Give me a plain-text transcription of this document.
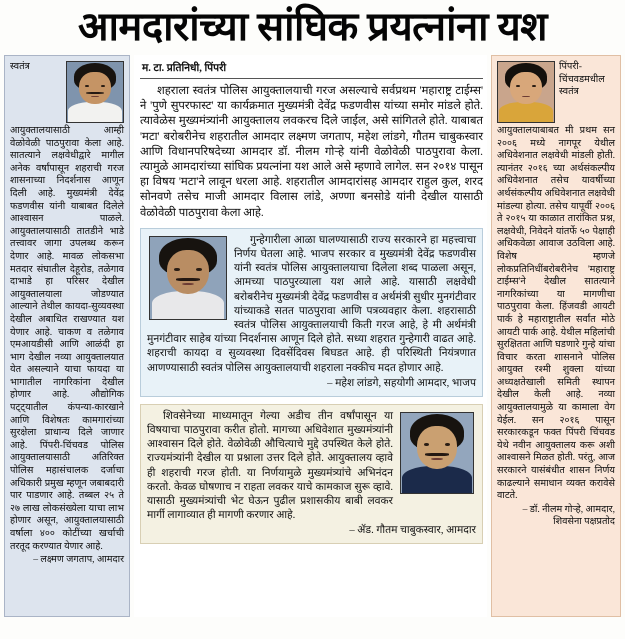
आमदारांच्या सांघिक प्रयत्नांना यश
स्वतंत्र आयुक्तालयासाठी आम्ही वेळोवेळी पाठपुरावा केला आहे. सातत्याने लक्षवेधीद्वारे मागील अनेक वर्षांपासून शहराची गरज शासनाच्या निदर्शनास आणून दिली आहे. मुख्यमंत्री देवेंद्र फडणवीस यांनी याबाबत दिलेले आश्वासन पाळले. आयुक्तालयासाठी तातडीने भाडे तत्त्वावर जागा उपलब्ध करून देणार आहे. मावळ लोकसभा मतदार संघातील देहूरोड, तळेगाव दाभाडे हा परिसर देखील आयुक्तालयाला जोडण्यात आल्याने तेथील कायदा-सुव्यवस्था देखील अबाधित राखण्यात यश येणार आहे. चाकण व तळेगाव एमआयडीसी आणि आळंदी हा भाग देखील नव्या आयुक्तालयात येत असल्याने याचा फायदा या भागातील नागरिकांना देखील होणार आहे. औद्योगिक पट्ट्यातील कंपन्या-कारखाने आणि विशेषतः कामगारांच्या सुरक्षेला प्राधान्य दिले जाणार आहे. पिंपरी-चिंचवड पोलिस आयुक्तालयासाठी अतिरिक्त पोलिस महासंचालक दर्जाचा अधिकारी प्रमुख म्हणून जबाबदारी पार पाडणार आहे. तब्बल २५ ते २७ लाख लोकसंख्येला याचा लाभ होणार असून, आयुक्तालयासाठी वर्षाला ४०० कोटींच्या खर्चाची तरतूद करण्यात येणार आहे.
– लक्ष्मण जगताप, आमदार
म. टा. प्रतिनिधी, पिंपरी
शहराला स्वतंत्र पोलिस आयुक्तालयाची गरज असल्याचे सर्वप्रथम 'महाराष्ट्र टाईम्स' ने 'पुणे सुपरफास्ट' या कार्यक्रमात मुख्यमंत्री देवेंद्र फडणवीस यांच्या समोर मांडले होते. त्यावेळेस मुख्यमंत्र्यांनी आयुक्तालय लवकरच दिले जाईल, असे सांगितले होते. याबाबत 'मटा' बरोबरीनेच शहरातील आमदार लक्ष्मण जगताप, महेश लांडगे, गौतम चाबुकस्वार आणि विधानपरिषदेच्या आमदार डॉ. नीलम गोऱ्हे यांनी वेळोवेळी पाठपुरावा केला. त्यामुळे आमदारांच्या सांघिक प्रयत्नांना यश आले असे म्हणावे लागेल. सन २०१४ पासून हा विषय 'मटा'ने लावून धरला आहे. शहरातील आमदारांसह आमदार राहुल कुल, शरद सोनवणे तसेच माजी आमदार विलास लांडे, अण्णा बनसोडे यांनी देखील यासाठी वेळोवेळी पाठपुरावा केला आहे.
गुन्हेगारीला आळा घालण्यासाठी राज्य सरकारने हा महत्त्वाचा निर्णय घेतला आहे. भाजप सरकार व मुख्यमंत्री देवेंद्र फडणवीस यांनी स्वतंत्र पोलिस आयुक्तालयाचा दिलेला शब्द पाळला असून, आमच्या पाठपुरव्याला यश आले आहे. यासाठी लक्षवेधी बरोबरीनेच मुख्यमंत्री देवेंद्र फडणवीस व अर्थमंत्री सुधीर मुनगंटीवार यांच्याकडे सतत पाठपुरावा आणि पत्रव्यवहार केला. शहरासाठी स्वतंत्र पोलिस आयुक्तालयाची किती गरज आहे, हे मी अर्थमंत्री मुनगंटीवार साहेब यांच्या निदर्शनास आणून दिले होते. सध्या शहरात गुन्हेगारी वाढत आहे. शहराची कायदा व सुव्यवस्था दिवसेंदिवस बिघडत आहे. ही परिस्थिती नियंत्रणात आणण्यासाठी स्वतंत्र पोलिस आयुक्तालयाची शहराला नक्कीच मदत होणार आहे.
– महेश लांडगे, सहयोगी आमदार, भाजप
शिवसेनेच्या माध्यमातून गेल्या अडीच तीन वर्षांपासून या विषयाचा पाठपुरावा करीत होतो. मागच्या अधिवेशात मुख्यमंत्र्यांनी आश्वासन दिले होते. वेळोवेळी औचित्याचे मुद्दे उपस्थित केले होते. राज्यमंत्र्यांनी देखील या प्रश्नाला उत्तर दिले होते. आयुक्तालय व्हावे ही शहराची गरज होती. या निर्णयामुळे मुख्यमंत्र्यांचे अभिनंदन करतो. केवळ घोषणाच न राहता लवकर याचे कामकाज सुरू व्हावे. यासाठी मुख्यमंत्र्यांची भेट घेऊन पुढील प्रशासकीय बाबी लवकर मार्गी लागाव्यात ही मागणी करणार आहे.
– ॲड. गौतम चाबुकस्वार, आमदार
पिंपरी-चिंचवडमधील स्वतंत्र आयुक्तालयाबाबत मी प्रथम सन २००६ मध्ये नागपूर येथील अधिवेशनात लक्षवेधी मांडली होती. त्यानंतर २०१६ च्या अर्थसंकल्पीय अधिवेशनात तसेच यावर्षीच्या अर्थसंकल्पीय अधिवेशनात लक्षवेधी मांडल्या होत्या. तसेच यापूर्वी २००६ ते २०१५ या काळात तारांकित प्रश्न, लक्षवेधी, निवेदने यांतर्फे ५० पेक्षाही अधिकवेळा आवाज उठविला आहे. विशेष म्हणजे लोकप्रतिनिधींबरोबरीनेच 'महाराष्ट्र टाईम्स'ने देखील सातत्याने नागरिकांच्या या मागणीचा पाठपुरावा केला. हिंजवडी आयटी पार्क हे महाराष्ट्रातील सर्वांत मोठे आयटी पार्क आहे. येथील महिलांची सुरक्षितता आणि घडणारे गुन्हे यांचा विचार करता शासनाने पोलिस आयुक्त रश्मी शुक्ला यांच्या अध्यक्षतेखाली समिती स्थापन देखील केली आहे. नव्या आयुक्तालयामुळे या कामाला वेग येईल. सन २०१६ पासून सरकारकडून फक्त पिंपरी चिंचवड येथे नवीन आयुक्तालय करू अशी आश्वासने मिळत होती. परंतु, आज सरकारने यासंबंधीत शासन निर्णय काढल्याने समाधान व्यक्त करावेसे वाटते.
– डॉ. नीलम गोऱ्हे, आमदार, शिवसेना पक्षप्रतोद
